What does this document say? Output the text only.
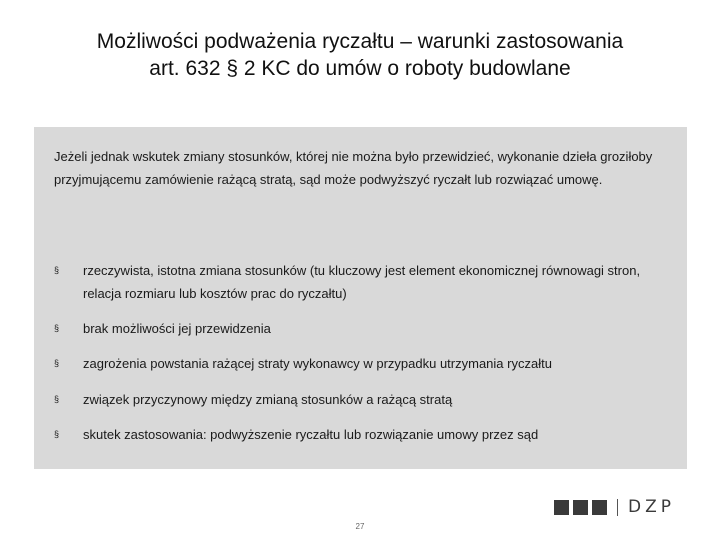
Możliwości podważenia ryczałtu – warunki zastosowania
art. 632 § 2 KC do umów o roboty budowlane
Jeżeli jednak wskutek zmiany stosunków, której nie można było przewidzieć, wykonanie dzieła groziłoby przyjmującemu zamówienie rażącą stratą, sąd może podwyższyć ryczałt lub rozwiązać umowę.
§	rzeczywista, istotna zmiana stosunków (tu kluczowy jest element ekonomicznej równowagi stron, relacja rozmiaru lub kosztów prac do ryczałtu)
§	brak możliwości jej przewidzenia
§	zagrożenia powstania rażącej straty wykonawcy w przypadku utrzymania ryczałtu
§	związek przyczynowy między zmianą stosunków a rażącą stratą
§	skutek zastosowania: podwyższenie ryczałtu lub rozwiązanie umowy przez sąd
DZP
27
